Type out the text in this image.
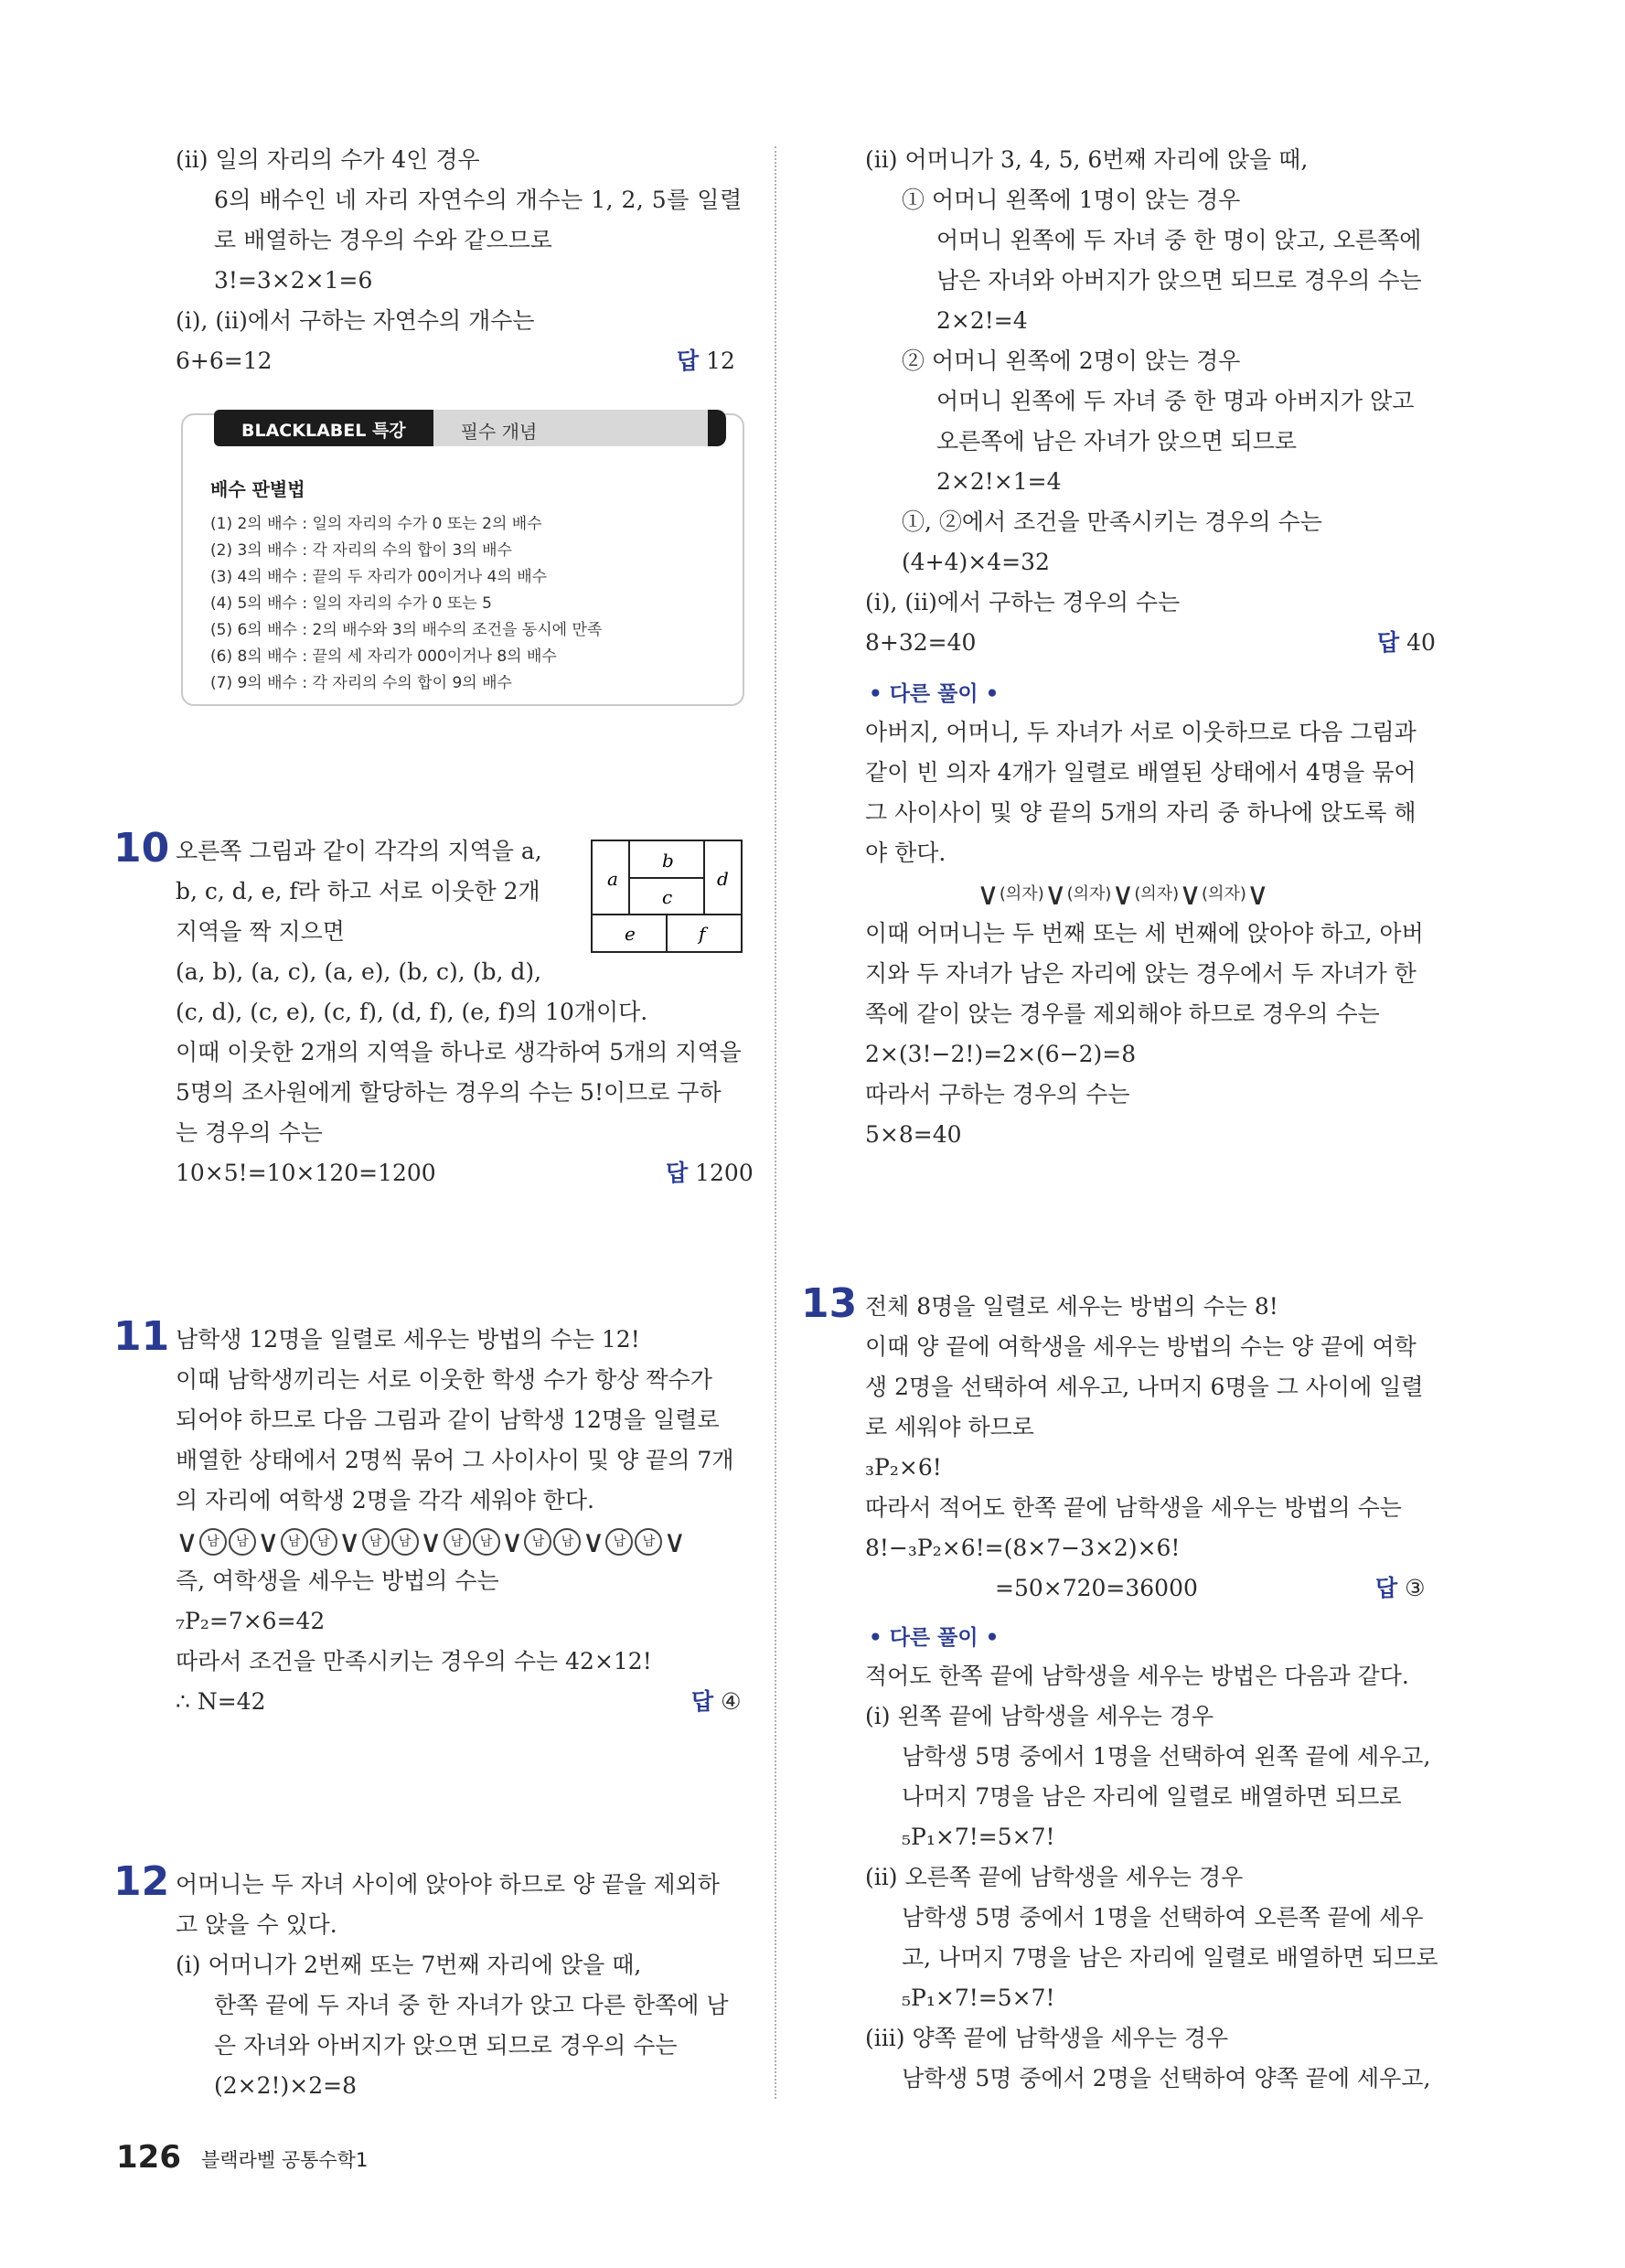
(ⅱ) 일의 자리의 수가 4인 경우
6의 배수인 네 자리 자연수의 개수는 1, 2, 5를 일렬
로 배열하는 경우의 수와 같으므로
3!=3×2×1=6
(ⅰ), (ⅱ)에서 구하는 자연수의 개수는
6+6=12	답 12
BLACKLABEL 특강	필수 개념
배수 판별법
(1) 2의 배수 : 일의 자리의 수가 0 또는 2의 배수
(2) 3의 배수 : 각 자리의 수의 합이 3의 배수
(3) 4의 배수 : 끝의 두 자리가 00이거나 4의 배수
(4) 5의 배수 : 일의 자리의 수가 0 또는 5
(5) 6의 배수 : 2의 배수와 3의 배수의 조건을 동시에 만족
(6) 8의 배수 : 끝의 세 자리가 000이거나 8의 배수
(7) 9의 배수 : 각 자리의 수의 합이 9의 배수
10 오른쪽 그림과 같이 각각의 지역을 a,
b, c, d, e, f라 하고 서로 이웃한 2개
지역을 짝 지으면
(a, b), (a, c), (a, e), (b, c), (b, d),
(c, d), (c, e), (c, f), (d, f), (e, f)의 10개이다.
이때 이웃한 2개의 지역을 하나로 생각하여 5개의 지역을
5명의 조사원에게 할당하는 경우의 수는 5!이므로 구하
는 경우의 수는
10×5!=10×120=1200	답 1200
a
b
c
d
e	f
11 남학생 12명을 일렬로 세우는 방법의 수는 12!
이때 남학생끼리는 서로 이웃한 학생 수가 항상 짝수가
되어야 하므로 다음 그림과 같이 남학생 12명을 일렬로
배열한 상태에서 2명씩 묶어 그 사이사이 및 양 끝의 7개
의 자리에 여학생 2명을 각각 세워야 한다.
∨ 남 남 ∨ 남 남 ∨ 남 남 ∨ 남 남 ∨ 남 남 ∨ 남 남 ∨
즉, 여학생을 세우는 방법의 수는
₇P₂=7×6=42
따라서 조건을 만족시키는 경우의 수는 42×12!
∴ N=42	답 ④
12 어머니는 두 자녀 사이에 앉아야 하므로 양 끝을 제외하
고 앉을 수 있다.
(ⅰ) 어머니가 2번째 또는 7번째 자리에 앉을 때,
한쪽 끝에 두 자녀 중 한 자녀가 앉고 다른 한쪽에 남
은 자녀와 아버지가 앉으면 되므로 경우의 수는
(2×2!)×2=8
(ⅱ) 어머니가 3, 4, 5, 6번째 자리에 앉을 때,
① 어머니 왼쪽에 1명이 앉는 경우
어머니 왼쪽에 두 자녀 중 한 명이 앉고, 오른쪽에
남은 자녀와 아버지가 앉으면 되므로 경우의 수는
2×2!=4
② 어머니 왼쪽에 2명이 앉는 경우
어머니 왼쪽에 두 자녀 중 한 명과 아버지가 앉고
오른쪽에 남은 자녀가 앉으면 되므로
2×2!×1=4
①, ②에서 조건을 만족시키는 경우의 수는
(4+4)×4=32
(ⅰ), (ⅱ)에서 구하는 경우의 수는
8+32=40	답 40
• 다른 풀이 •
아버지, 어머니, 두 자녀가 서로 이웃하므로 다음 그림과
같이 빈 의자 4개가 일렬로 배열된 상태에서 4명을 묶어
그 사이사이 및 양 끝의 5개의 자리 중 하나에 앉도록 해
야 한다.
∨(의자)∨(의자)∨(의자)∨(의자)∨
이때 어머니는 두 번째 또는 세 번째에 앉아야 하고, 아버
지와 두 자녀가 남은 자리에 앉는 경우에서 두 자녀가 한
쪽에 같이 앉는 경우를 제외해야 하므로 경우의 수는
2×(3!−2!)=2×(6−2)=8
따라서 구하는 경우의 수는
5×8=40
13 전체 8명을 일렬로 세우는 방법의 수는 8!
이때 양 끝에 여학생을 세우는 방법의 수는 양 끝에 여학
생 2명을 선택하여 세우고, 나머지 6명을 그 사이에 일렬
로 세워야 하므로
₃P₂×6!
따라서 적어도 한쪽 끝에 남학생을 세우는 방법의 수는
8!−₃P₂×6!=(8×7−3×2)×6!
=50×720=36000	답 ③
• 다른 풀이 •
적어도 한쪽 끝에 남학생을 세우는 방법은 다음과 같다.
(ⅰ) 왼쪽 끝에 남학생을 세우는 경우
남학생 5명 중에서 1명을 선택하여 왼쪽 끝에 세우고,
나머지 7명을 남은 자리에 일렬로 배열하면 되므로
₅P₁×7!=5×7!
(ⅱ) 오른쪽 끝에 남학생을 세우는 경우
남학생 5명 중에서 1명을 선택하여 오른쪽 끝에 세우
고, 나머지 7명을 남은 자리에 일렬로 배열하면 되므로
₅P₁×7!=5×7!
(ⅲ) 양쪽 끝에 남학생을 세우는 경우
남학생 5명 중에서 2명을 선택하여 양쪽 끝에 세우고,
126 블랙라벨 공통수학1
